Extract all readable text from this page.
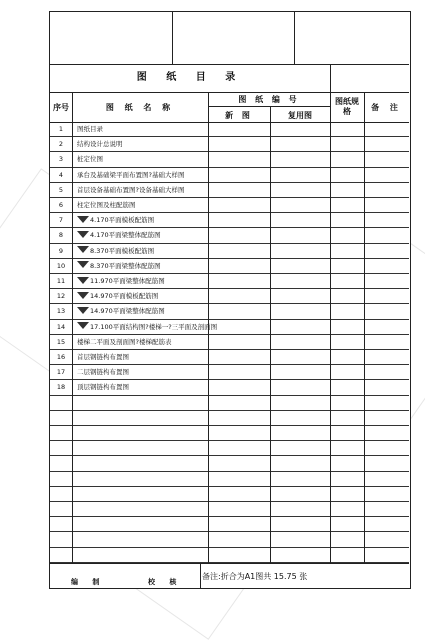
图 纸 目 录
序号	图 纸 名 称
图 纸 编 号
新 图	复用图
图纸规格	备 注
1	图纸目录
2	结构设计总说明
3	桩定位图
4	承台及基础梁平面布置图?基础大样图
5	首层设备基础布置图?设备基础大样图
6	柱定位图及柱配筋图
7	4.170平面模板配筋图
8	4.170平面梁整体配筋图
9	8.370平面模板配筋图
10	8.370平面梁整体配筋图
11	11.970平面梁整体配筋图
12	14.970平面模板配筋图
13	14.970平面梁整体配筋图
14	17.100平面结构图?楼梯一?三平面及剖面图
15	楼梯二平面及剖面图?楼梯配筋表
16	首层钢链构布置图
17	二层钢链构布置图
18	顶层钢链构布置图
编 制	校 核
备注:折合为A1图共 15.75 张
